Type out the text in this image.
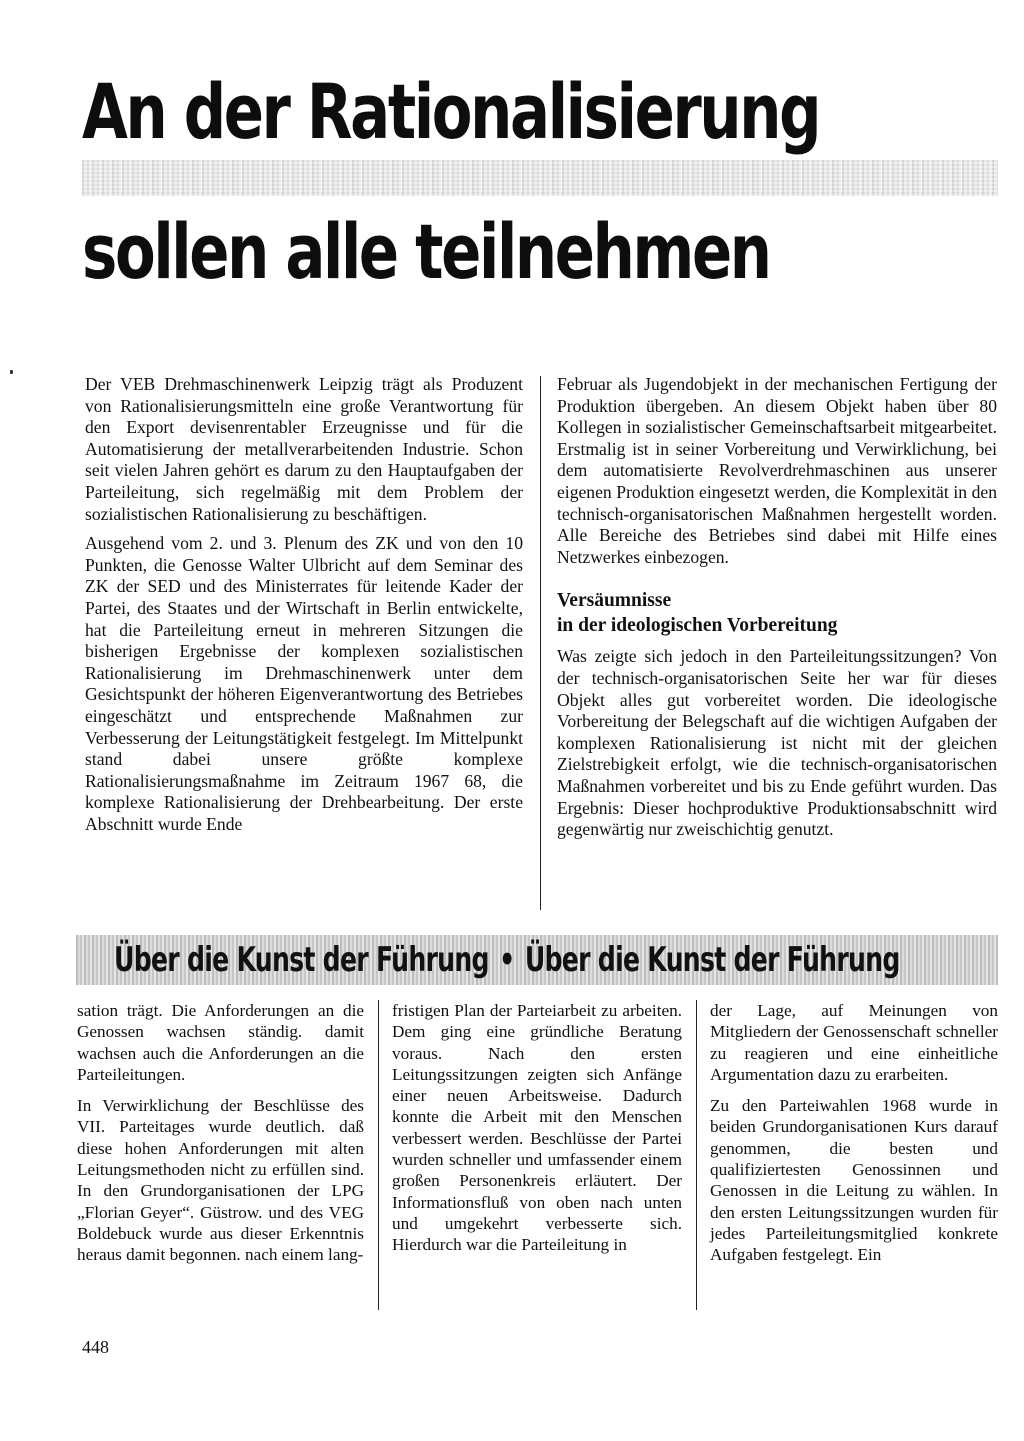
An der Rationalisierung
sollen alle teilnehmen

Der VEB Drehmaschinenwerk Leipzig trägt als Produzent von Rationalisierungsmitteln eine große Verantwortung für den Export devisenrentabler Erzeugnisse und für die Automatisierung der metallverarbeitenden Industrie. Schon seit vielen Jahren gehört es darum zu den Hauptaufgaben der Parteileitung, sich regelmäßig mit dem Problem der sozialistischen Rationalisierung zu beschäftigen.

Ausgehend vom 2. und 3. Plenum des ZK und von den 10 Punkten, die Genosse Walter Ulbricht auf dem Seminar des ZK der SED und des Ministerrates für leitende Kader der Partei, des Staates und der Wirtschaft in Berlin entwickelte, hat die Parteileitung erneut in mehreren Sitzungen die bisherigen Ergebnisse der komplexen sozialistischen Rationalisierung im Drehmaschinenwerk unter dem Gesichtspunkt der höheren Eigenverantwortung des Betriebes eingeschätzt und entsprechende Maßnahmen zur Verbesserung der Leitungstätigkeit festgelegt. Im Mittelpunkt stand dabei unsere größte komplexe Rationalisierungsmaßnahme im Zeitraum 1967 68, die komplexe Rationalisierung der Drehbearbeitung. Der erste Abschnitt wurde Ende

Februar als Jugendobjekt in der mechanischen Fertigung der Produktion übergeben. An diesem Objekt haben über 80 Kollegen in sozialistischer Gemeinschaftsarbeit mitgearbeitet. Erstmalig ist in seiner Vorbereitung und Verwirklichung, bei dem automatisierte Revolverdrehmaschinen aus unserer eigenen Produktion eingesetzt werden, die Komplexität in den technisch-organisatorischen Maßnahmen hergestellt worden. Alle Bereiche des Betriebes sind dabei mit Hilfe eines Netzwerkes einbezogen.

Versäumnisse
in der ideologischen Vorbereitung

Was zeigte sich jedoch in den Parteileitungssitzungen? Von der technisch-organisatorischen Seite her war für dieses Objekt alles gut vorbereitet worden. Die ideologische Vorbereitung der Belegschaft auf die wichtigen Aufgaben der komplexen Rationalisierung ist nicht mit der gleichen Zielstrebigkeit erfolgt, wie die technisch-organisatorischen Maßnahmen vorbereitet und bis zu Ende geführt wurden. Das Ergebnis: Dieser hochproduktive Produktionsabschnitt wird gegenwärtig nur zweischichtig genutzt.

Über die Kunst der Führung • Über die Kunst der Führung

sation trägt. Die Anforderungen an die Genossen wachsen ständig. damit wachsen auch die Anforderungen an die Parteileitungen.

In Verwirklichung der Beschlüsse des VII. Parteitages wurde deutlich. daß diese hohen Anforderungen mit alten Leitungsmethoden nicht zu erfüllen sind. In den Grundorganisationen der LPG „Florian Geyer“. Güstrow. und des VEG Boldebuck wurde aus dieser Erkenntnis heraus damit begonnen. nach einem lang-

fristigen Plan der Parteiarbeit zu arbeiten. Dem ging eine gründliche Beratung voraus. Nach den ersten Leitungssitzungen zeigten sich Anfänge einer neuen Arbeitsweise. Dadurch konnte die Arbeit mit den Menschen verbessert werden. Beschlüsse der Partei wurden schneller und umfassender einem großen Personenkreis erläutert. Der Informationsfluß von oben nach unten und umgekehrt verbesserte sich. Hierdurch war die Parteileitung in

der Lage, auf Meinungen von Mitgliedern der Genossenschaft schneller zu reagieren und eine einheitliche Argumentation dazu zu erarbeiten.

Zu den Parteiwahlen 1968 wurde in beiden Grundorganisationen Kurs darauf genommen, die besten und qualifiziertesten Genossinnen und Genossen in die Leitung zu wählen. In den ersten Leitungssitzungen wurden für jedes Parteileitungsmitglied konkrete Aufgaben festgelegt. Ein

448
